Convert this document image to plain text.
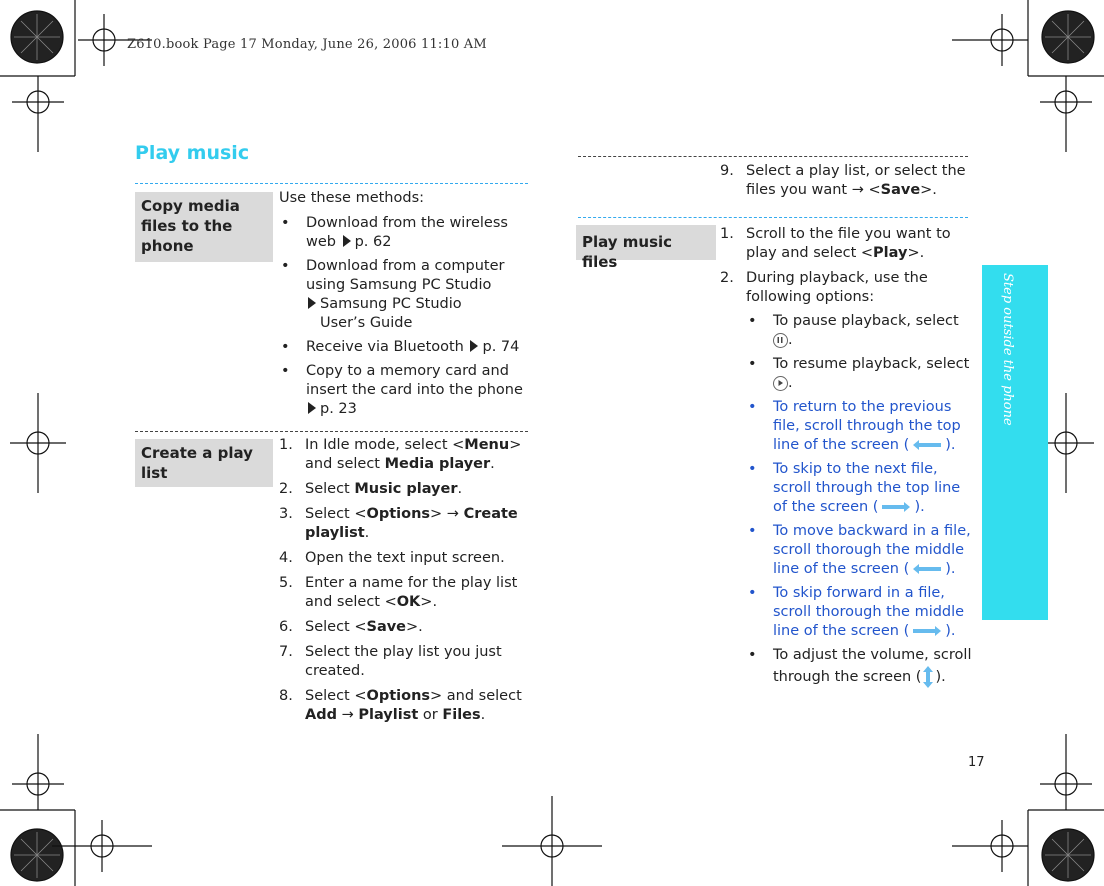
Z610.book Page 17 Monday, June 26, 2006 11:10 AM
Step outside the phone
Play music
Copy media files to the phone

Use these methods:

• Download from the wireless web p. 62
• Download from a computer using Samsung PC Studio
Samsung PC Studio User’s Guide
• Receive via Bluetooth p. 74
• Copy to a memory card and insert the card into the phone p. 23
Create a play list
1. In Idle mode, select <Menu> and select Media player.
2. Select Music player.
3. Select <Options> → Create playlist.
4. Open the text input screen.
5. Enter a name for the play list and select <OK>.
6. Select <Save>.
7. Select the play list you just created.
8. Select <Options> and select Add → Playlist or Files.
9. Select a play list, or select the files you want → <Save>.
Play music files
1. Scroll to the file you want to play and select <Play>.
2. During playback, use the following options:
• To pause playback, select

.
• To resume playback, select
.
• To return to the previous file, scroll through the top line of the screen ( ).
• To skip to the next file, scroll through the top line of the screen ( ).
• To move backward in a file, scroll thorough the middle line of the screen ( ).
• To skip forward in a file, scroll thorough the middle line of the screen ( ).
• To adjust the volume, scroll through the screen ( ).
17
